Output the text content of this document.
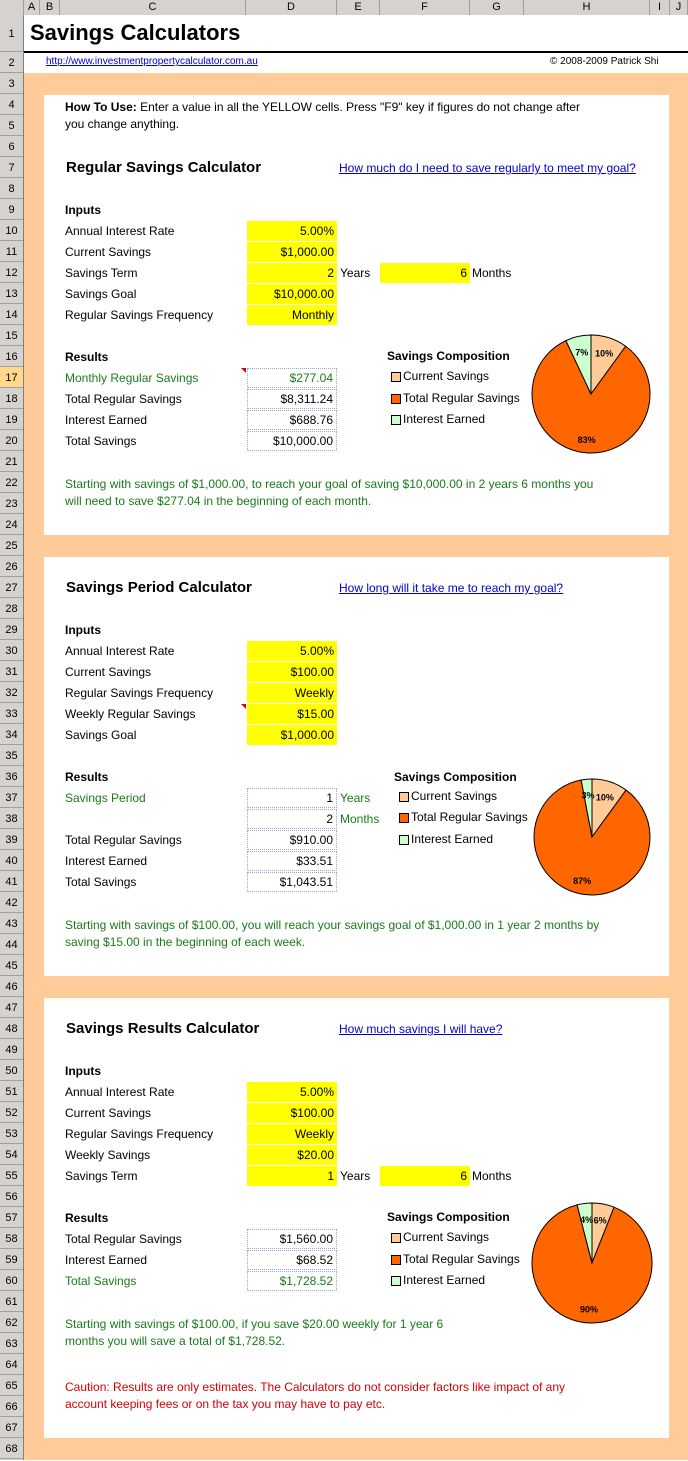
A B	C	D	E	F	G	H	I	J
1
2
3
4
5
6
7
8
9
10
11
12
13
14
15
16
17
18
19
20
21
22
23
24
25
26
27
28
29
30
31
32
33
34
35
36
37
38
39
40
41
42
43
44
45
46
47
48
49
50
51
52
53
54
55
56
57
58
59
60
61
62
63
64
65
66
67
68
Savings Calculators
http://www.investmentpropertycalculator.com.au	© 2008-2009 Patrick Shi
How To Use: Enter a value in all the YELLOW cells. Press "F9" key if figures do not change after
you change anything.
Regular Savings Calculator	How much do I need to save regularly to meet my goal?
Inputs
Annual Interest Rate	5.00%
Current Savings	$1,000.00
Savings Term	2 Years	6 Months
Savings Goal	$10,000.00
Regular Savings Frequency	Monthly
Results
Monthly Regular Savings	$277.04
Total Regular Savings	$8,311.24
Interest Earned	$688.76
Total Savings	$10,000.00
Savings Composition
Current Savings
Total Regular Savings
Interest Earned
10%
83%
7%
Starting with savings of $1,000.00, to reach your goal of saving $10,000.00 in 2 years 6 months you
will need to save $277.04 in the beginning of each month.
Savings Period Calculator	How long will it take me to reach my goal?
Inputs
Annual Interest Rate	5.00%
Current Savings	$100.00
Regular Savings Frequency	Weekly
Weekly Regular Savings	$15.00
Savings Goal	$1,000.00
Results
Savings Period	1 Years
2 Months
Total Regular Savings	$910.00
Interest Earned	$33.51
Total Savings	$1,043.51
Savings Composition
Current Savings
Total Regular Savings
Interest Earned
10%
87%
3%
Starting with savings of $100.00, you will reach your savings goal of $1,000.00 in 1 year 2 months by
saving $15.00 in the beginning of each week.
Savings Results Calculator	How much savings I will have?
Inputs
Annual Interest Rate	5.00%
Current Savings	$100.00
Regular Savings Frequency	Weekly
Weekly Savings	$20.00
Savings Term	1 Years	6 Months
Results
Total Regular Savings	$1,560.00
Interest Earned	$68.52
Total Savings	$1,728.52
Savings Composition
Current Savings
Total Regular Savings
Interest Earned
6%
90%
4%
Starting with savings of $100.00, if you save $20.00 weekly for 1 year 6
months you will save a total of $1,728.52.
Caution: Results are only estimates. The Calculators do not consider factors like impact of any
account keeping fees or on the tax you may have to pay etc.
